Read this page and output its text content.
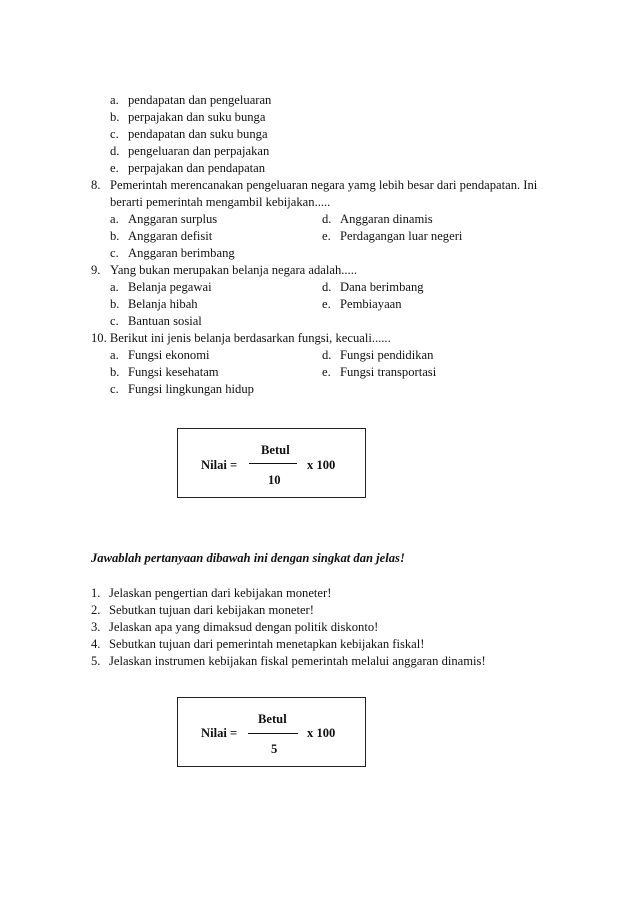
a. pendapatan dan pengeluaran
b. perpajakan dan suku bunga
c. pendapatan dan suku bunga
d. pengeluaran dan perpajakan
e. perpajakan dan pendapatan
8. Pemerintah merencanakan pengeluaran negara yamg lebih besar dari pendapatan. Ini
berarti pemerintah mengambil kebijakan.....
a. Anggaran surplus	d. Anggaran dinamis
b. Anggaran defisit	e. Perdagangan luar negeri
c. Anggaran berimbang
9. Yang bukan merupakan belanja negara adalah.....
a. Belanja pegawai	d. Dana berimbang
b. Belanja hibah	e. Pembiayaan
c. Bantuan sosial
10. Berikut ini jenis belanja berdasarkan fungsi, kecuali......
a. Fungsi ekonomi	d. Fungsi pendidikan
b. Fungsi kesehatam	e. Fungsi transportasi
c. Fungsi lingkungan hidup
Betul
Nilai =	x 100
10
Jawablah pertanyaan dibawah ini dengan singkat dan jelas!
1. Jelaskan pengertian dari kebijakan moneter!
2. Sebutkan tujuan dari kebijakan moneter!
3. Jelaskan apa yang dimaksud dengan politik diskonto!
4. Sebutkan tujuan dari pemerintah menetapkan kebijakan fiskal!
5. Jelaskan instrumen kebijakan fiskal pemerintah melalui anggaran dinamis!
Betul
Nilai =	x 100
5
